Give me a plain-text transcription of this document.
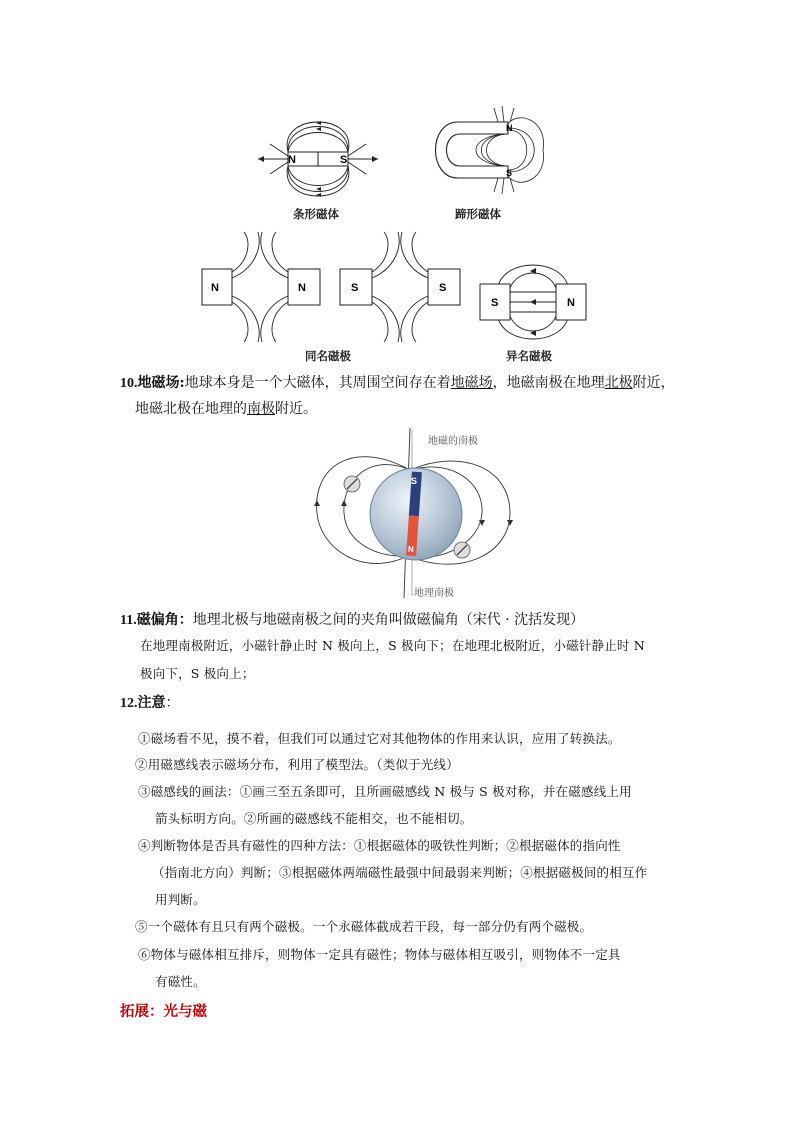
N	S
条形磁体
N
S
蹄形磁体
N	N	S	S
同名磁极
S	N
异名磁极
10.地磁场:地球本身是一个大磁体，其周围空间存在着地磁场，地磁南极在地理北极附近，
地磁北极在地理的南极附近。
S
N
地磁的南极
地理南极
11.磁偏角：地理北极与地磁南极之间的夹角叫做磁偏角（宋代 · 沈括发现）
在地理南极附近，小磁针静止时 N 极向上，S 极向下；在地理北极附近，小磁针静止时 N
极向下，S 极向上；
12.注意：
①磁场看不见，摸不着，但我们可以通过它对其他物体的作用来认识，应用了转换法。
②用磁感线表示磁场分布，利用了模型法。（类似于光线）
③磁感线的画法：①画三至五条即可，且所画磁感线 N 极与 S 极对称，并在磁感线上用
箭头标明方向。②所画的磁感线不能相交，也不能相切。
④判断物体是否具有磁性的四种方法：①根据磁体的吸铁性判断；②根据磁体的指向性
（指南北方向）判断；③根据磁体两端磁性最强中间最弱来判断；④根据磁极间的相互作
用判断。
⑤一个磁体有且只有两个磁极。一个永磁体截成若干段，每一部分仍有两个磁极。
⑥物体与磁体相互排斥，则物体一定具有磁性；物体与磁体相互吸引，则物体不一定具
有磁性。
拓展：光与磁
